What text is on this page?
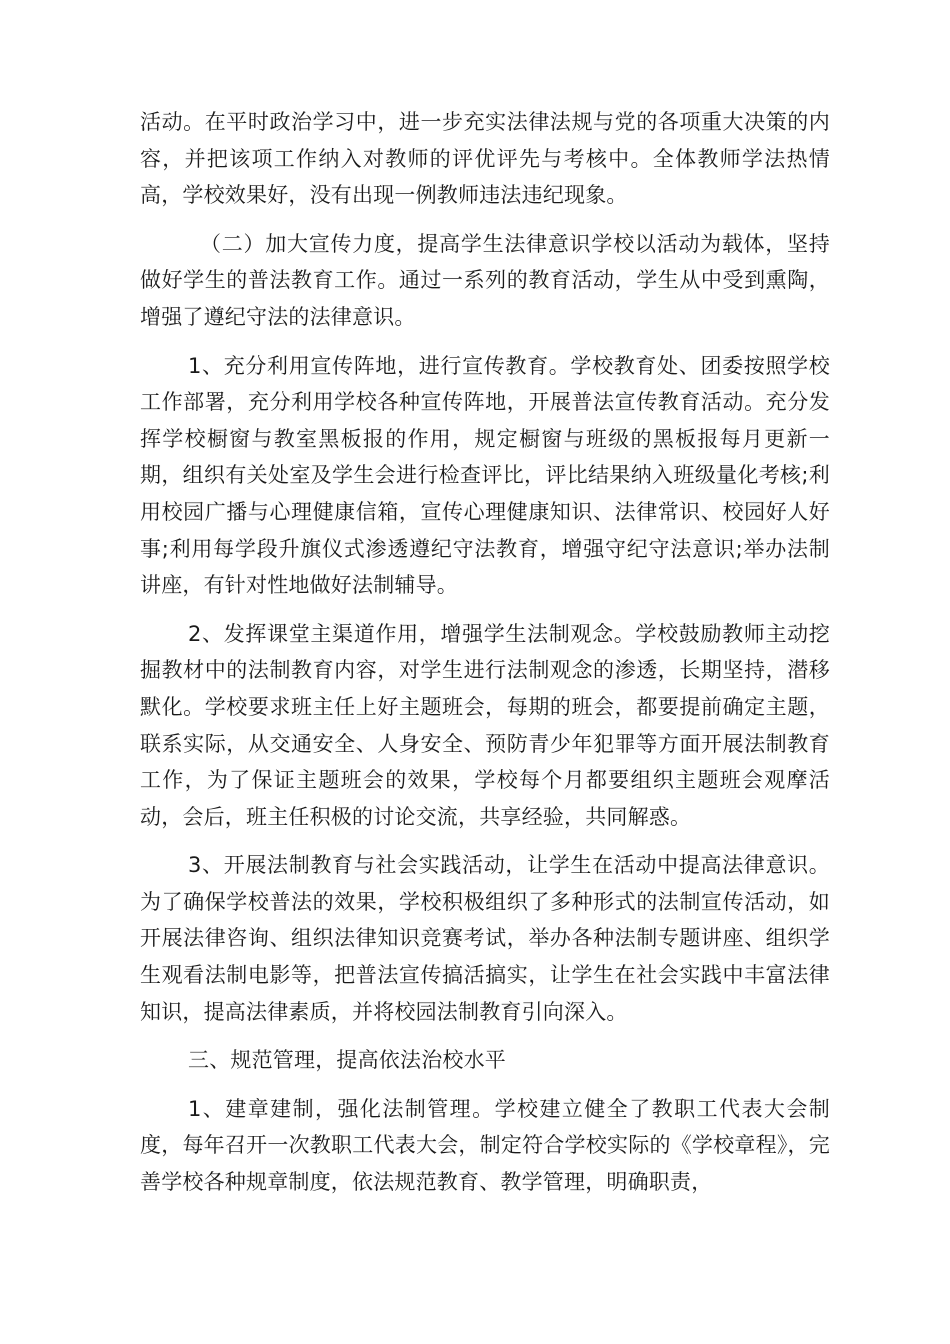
活动。在平时政治学习中，进一步充实法律法规与党的各项重大决策的内容，并把该项工作纳入对教师的评优评先与考核中。全体教师学法热情高，学校效果好，没有出现一例教师违法违纪现象。

（二）加大宣传力度，提高学生法律意识学校以活动为载体，坚持做好学生的普法教育工作。通过一系列的教育活动，学生从中受到熏陶，增强了遵纪守法的法律意识。

1、充分利用宣传阵地，进行宣传教育。学校教育处、团委按照学校工作部署，充分利用学校各种宣传阵地，开展普法宣传教育活动。充分发挥学校橱窗与教室黑板报的作用，规定橱窗与班级的黑板报每月更新一期，组织有关处室及学生会进行检查评比，评比结果纳入班级量化考核;利用校园广播与心理健康信箱，宣传心理健康知识、法律常识、校园好人好事;利用每学段升旗仪式渗透遵纪守法教育，增强守纪守法意识;举办法制讲座，有针对性地做好法制辅导。

2、发挥课堂主渠道作用，增强学生法制观念。学校鼓励教师主动挖掘教材中的法制教育内容，对学生进行法制观念的渗透，长期坚持，潜移默化。学校要求班主任上好主题班会，每期的班会，都要提前确定主题，联系实际，从交通安全、人身安全、预防青少年犯罪等方面开展法制教育工作，为了保证主题班会的效果，学校每个月都要组织主题班会观摩活动，会后，班主任积极的讨论交流，共享经验，共同解惑。

3、开展法制教育与社会实践活动，让学生在活动中提高法律意识。为了确保学校普法的效果，学校积极组织了多种形式的法制宣传活动，如开展法律咨询、组织法律知识竞赛考试，举办各种法制专题讲座、组织学生观看法制电影等，把普法宣传搞活搞实，让学生在社会实践中丰富法律知识，提高法律素质，并将校园法制教育引向深入。

三、规范管理，提高依法治校水平

1、建章建制，强化法制管理。学校建立健全了教职工代表大会制度，每年召开一次教职工代表大会，制定符合学校实际的《学校章程》，完善学校各种规章制度，依法规范教育、教学管理，明确职责，
